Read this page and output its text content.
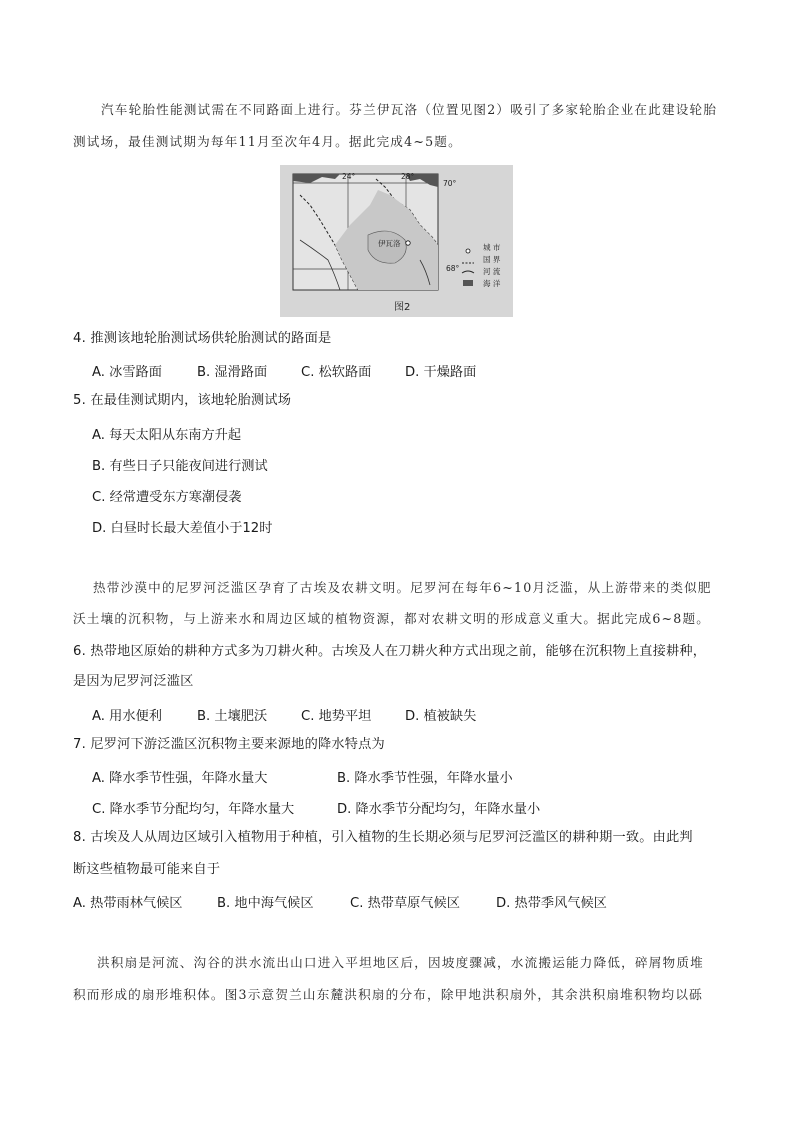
汽车轮胎性能测试需在不同路面上进行。芬兰伊瓦洛（位置见图2）吸引了多家轮胎企业在此建设轮胎
测试场，最佳测试期为每年11月至次年4月。据此完成4~5题。
伊瓦洛
24°	28°
70°
68°
城 市
国 界
河 流
海 洋
图2
4. 推测该地轮胎测试场供轮胎测试的路面是
A. 冰雪路面	B. 湿滑路面	C. 松软路面	D. 干燥路面
5. 在最佳测试期内，该地轮胎测试场
A. 每天太阳从东南方升起
B. 有些日子只能夜间进行测试
C. 经常遭受东方寒潮侵袭
D. 白昼时长最大差值小于12时
热带沙漠中的尼罗河泛滥区孕育了古埃及农耕文明。尼罗河在每年6~10月泛滥，从上游带来的类似肥
沃土壤的沉积物，与上游来水和周边区域的植物资源，都对农耕文明的形成意义重大。据此完成6~8题。
6. 热带地区原始的耕种方式多为刀耕火种。古埃及人在刀耕火种方式出现之前，能够在沉积物上直接耕种，
是因为尼罗河泛滥区
A. 用水便利	B. 土壤肥沃	C. 地势平坦	D. 植被缺失
7. 尼罗河下游泛滥区沉积物主要来源地的降水特点为
A. 降水季节性强，年降水量大	B. 降水季节性强，年降水量小
C. 降水季节分配均匀，年降水量大	D. 降水季节分配均匀，年降水量小
8. 古埃及人从周边区域引入植物用于种植，引入植物的生长期必须与尼罗河泛滥区的耕种期一致。由此判
断这些植物最可能来自于
A. 热带雨林气候区	B. 地中海气候区	C. 热带草原气候区	D. 热带季风气候区
洪积扇是河流、沟谷的洪水流出山口进入平坦地区后，因坡度骤减，水流搬运能力降低，碎屑物质堆
积而形成的扇形堆积体。图3示意贺兰山东麓洪积扇的分布，除甲地洪积扇外，其余洪积扇堆积物均以砾
